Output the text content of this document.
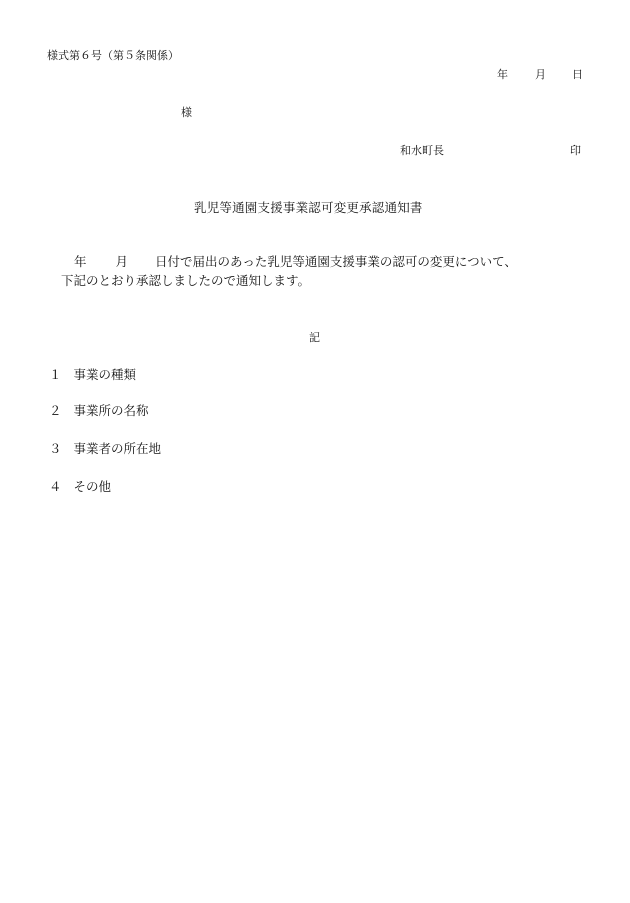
様式第６号（第５条関係）
年 月 日
様
和水町長	印
乳児等通園支援事業認可変更承認通知書
年 月 日付で届出のあった乳児等通園支援事業の認可の変更について、
下記のとおり承認しましたので通知します。
記
１ 事業の種類
２ 事業所の名称
３ 事業者の所在地
４ その他
